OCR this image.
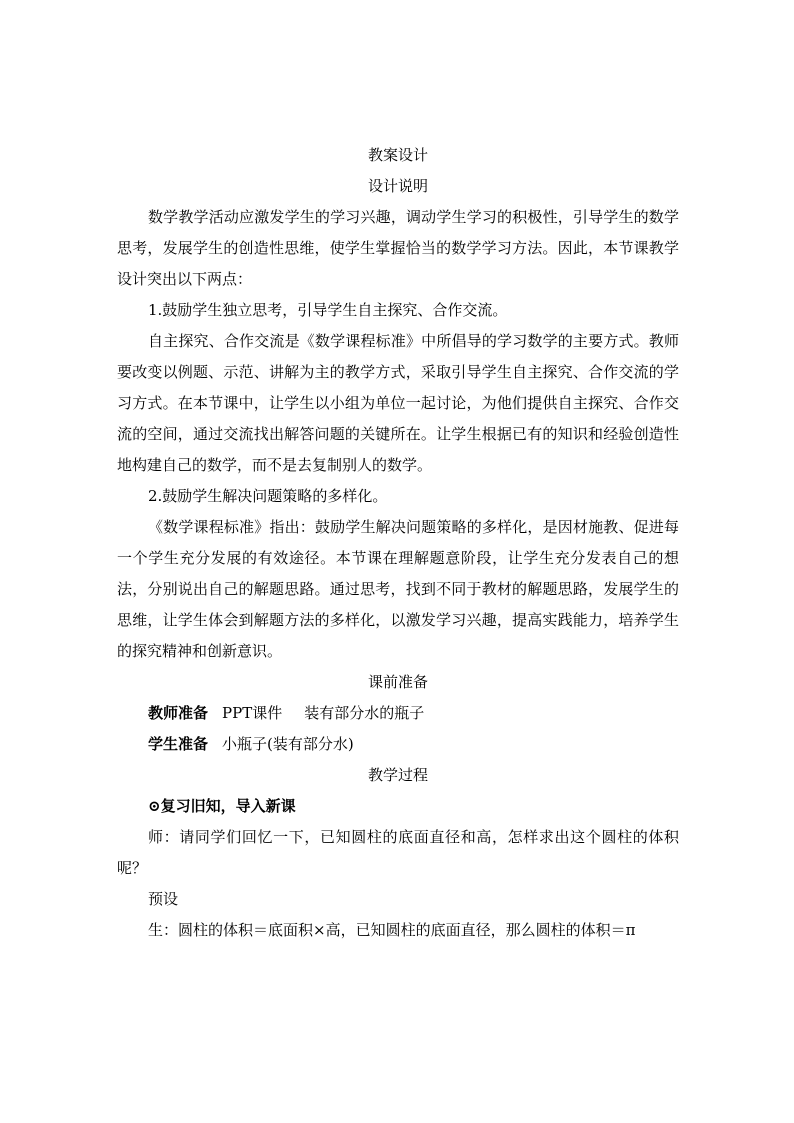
教案设计
设计说明

数学教学活动应激发学生的学习兴趣，调动学生学习的积极性，引导学生的数学思考，发展学生的创造性思维，使学生掌握恰当的数学学习方法。因此，本节课教学设计突出以下两点：

1.鼓励学生独立思考，引导学生自主探究、合作交流。

自主探究、合作交流是《数学课程标准》中所倡导的学习数学的主要方式。教师要改变以例题、示范、讲解为主的教学方式，采取引导学生自主探究、合作交流的学习方式。在本节课中，让学生以小组为单位一起讨论，为他们提供自主探究、合作交流的空间，通过交流找出解答问题的关键所在。让学生根据已有的知识和经验创造性地构建自己的数学，而不是去复制别人的数学。

2.鼓励学生解决问题策略的多样化。

《数学课程标准》指出：鼓励学生解决问题策略的多样化，是因材施教、促进每一个学生充分发展的有效途径。本节课在理解题意阶段，让学生充分发表自己的想法，分别说出自己的解题思路。通过思考，找到不同于教材的解题思路，发展学生的思维，让学生体会到解题方法的多样化，以激发学习兴趣，提高实践能力，培养学生的探究精神和创新意识。

课前准备
教师准备 PPT课件 装有部分水的瓶子
学生准备 小瓶子(装有部分水)
教学过程
⊙复习旧知，导入新课

师：请同学们回忆一下，已知圆柱的底面直径和高，怎样求出这个圆柱的体积呢？

预设

生：圆柱的体积＝底面积×高，已知圆柱的底面直径，那么圆柱的体积＝π
